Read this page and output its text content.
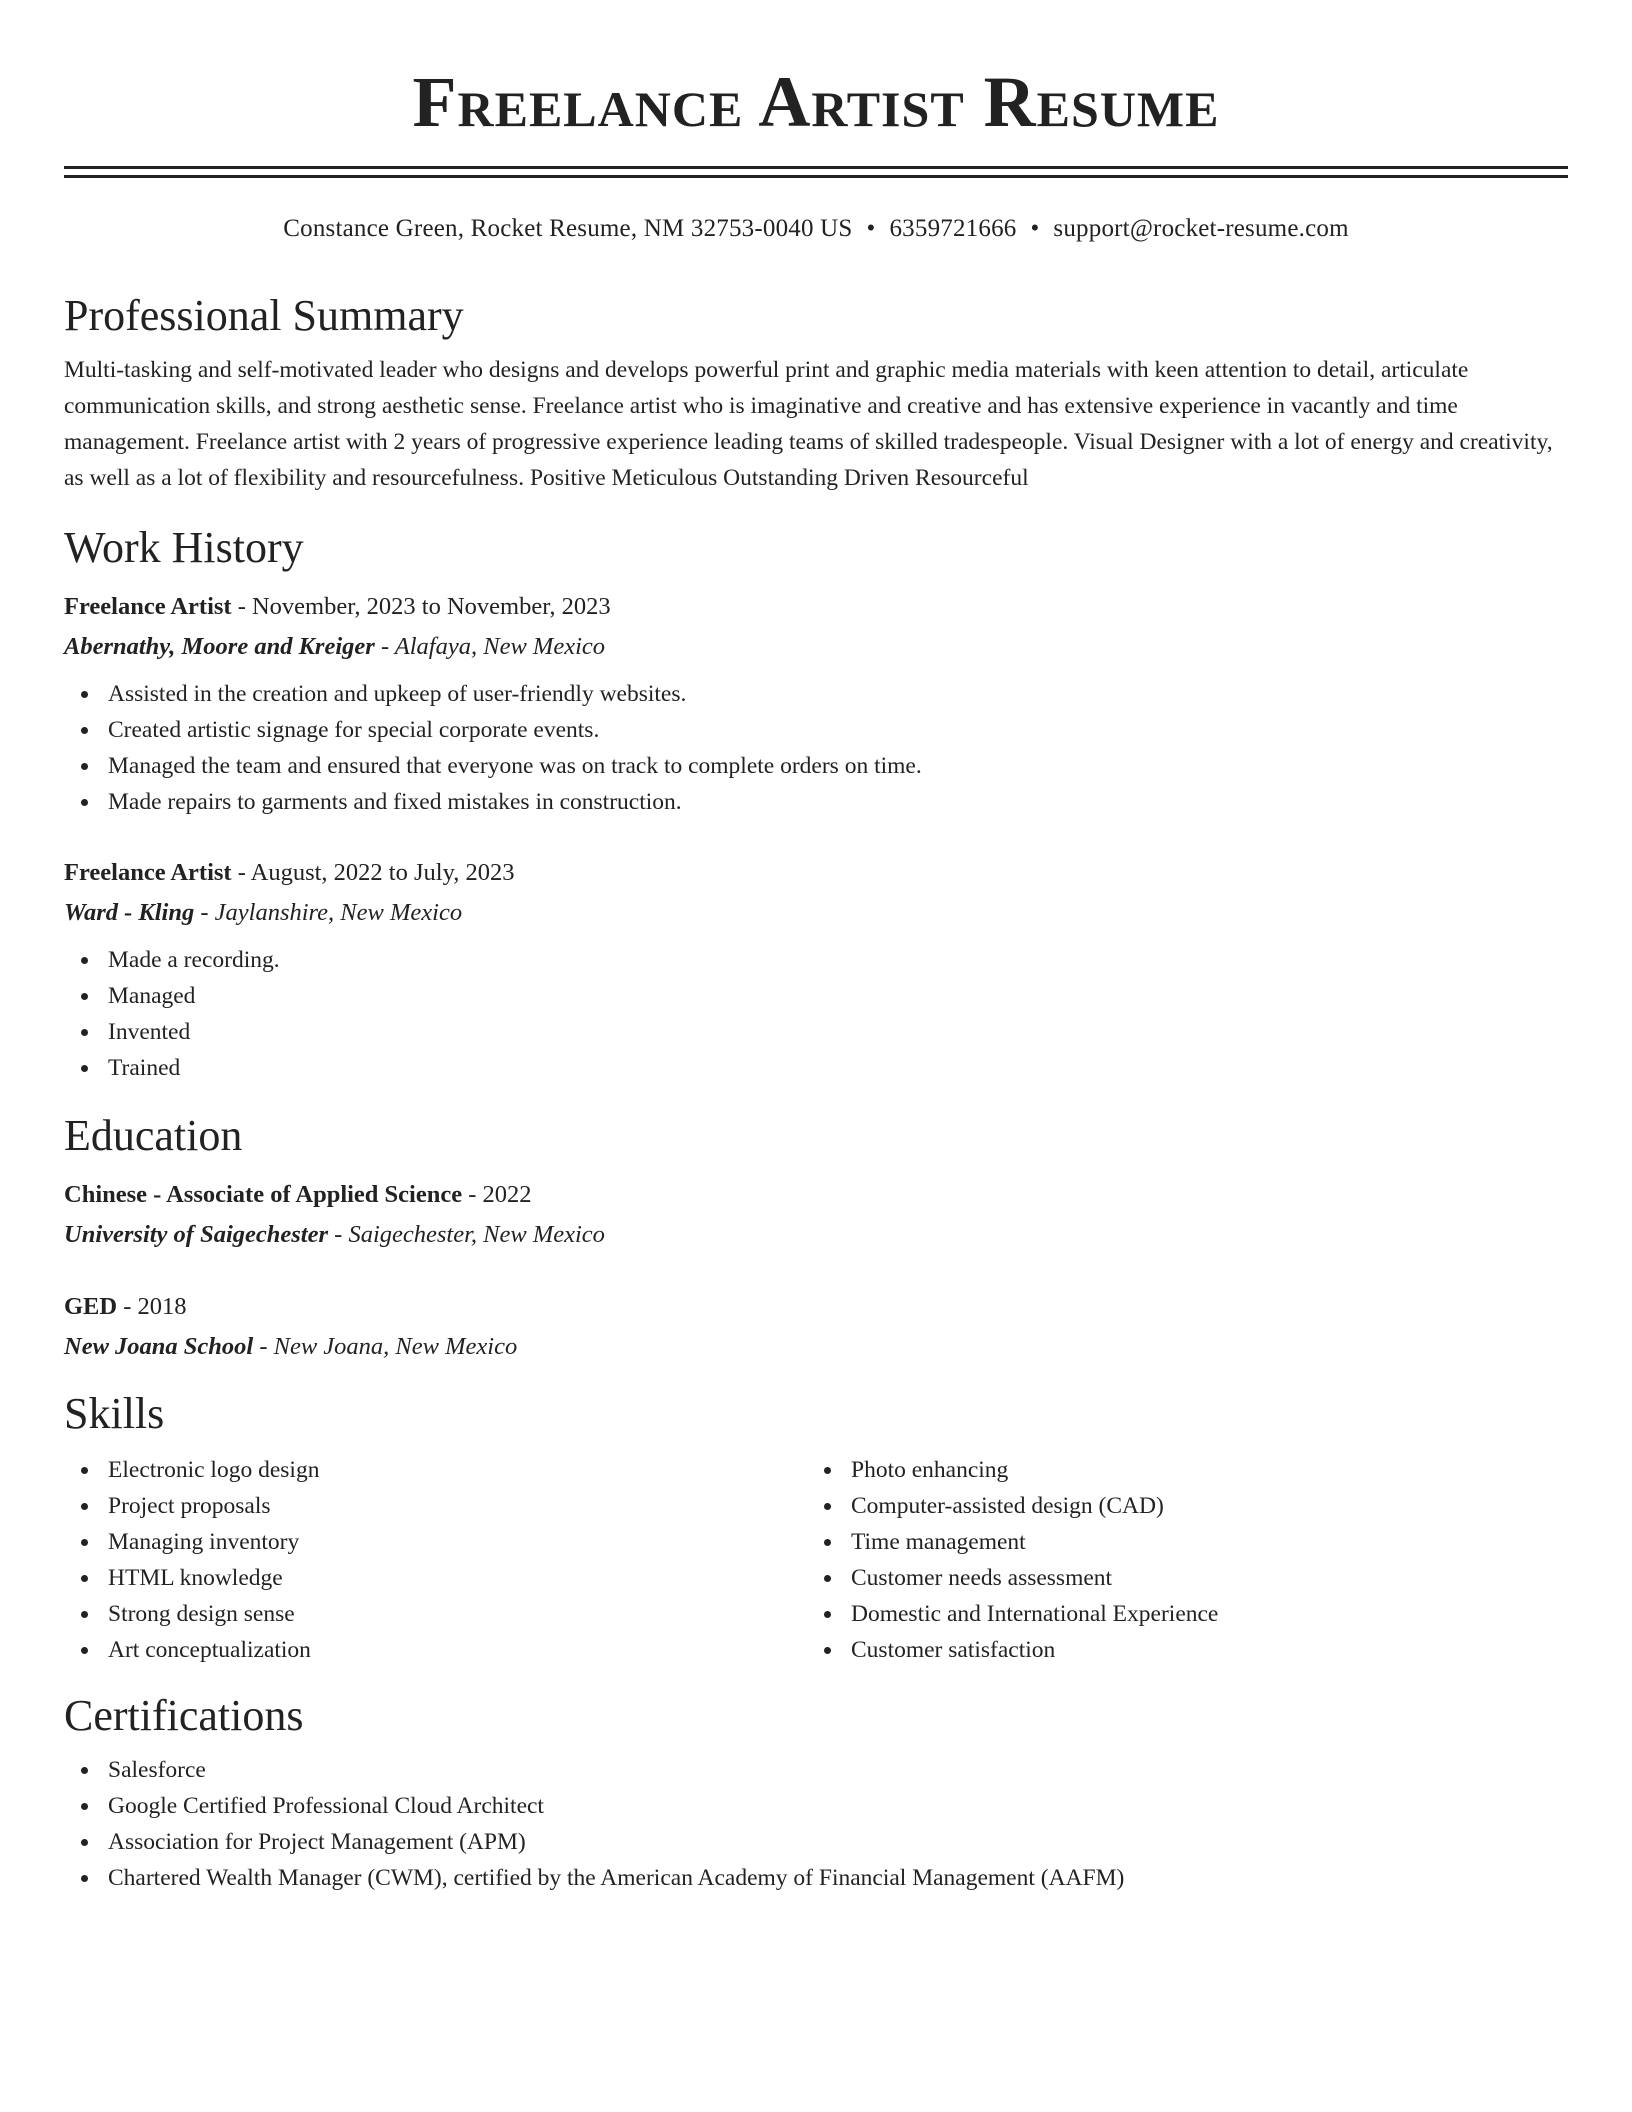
Freelance Artist Resume
Constance Green, Rocket Resume, NM 32753-0040 US • 6359721666 • support@rocket-resume.com
Professional Summary

Multi-tasking and self-motivated leader who designs and develops powerful print and graphic media materials with keen attention to detail, articulate communication skills, and strong aesthetic sense. Freelance artist who is imaginative and creative and has extensive experience in vacantly and time management. Freelance artist with 2 years of progressive experience leading teams of skilled tradespeople. Visual Designer with a lot of energy and creativity, as well as a lot of flexibility and resourcefulness. Positive Meticulous Outstanding Driven Resourceful

Work History
Freelance Artist - November, 2023 to November, 2023
Abernathy, Moore and Kreiger - Alafaya, New Mexico
Assisted in the creation and upkeep of user-friendly websites.
Created artistic signage for special corporate events.
Managed the team and ensured that everyone was on track to complete orders on time.
Made repairs to garments and fixed mistakes in construction.
Freelance Artist - August, 2022 to July, 2023
Ward - Kling - Jaylanshire, New Mexico
Made a recording.
Managed
Invented
Trained
Education
Chinese - Associate of Applied Science - 2022
University of Saigechester - Saigechester, New Mexico
GED - 2018
New Joana School - New Joana, New Mexico
Skills
Electronic logo design
Project proposals
Managing inventory
HTML knowledge
Strong design sense
Art conceptualization
Photo enhancing
Computer-assisted design (CAD)
Time management
Customer needs assessment
Domestic and International Experience
Customer satisfaction
Certifications
Salesforce
Google Certified Professional Cloud Architect
Association for Project Management (APM)
Chartered Wealth Manager (CWM), certified by the American Academy of Financial Management (AAFM)
